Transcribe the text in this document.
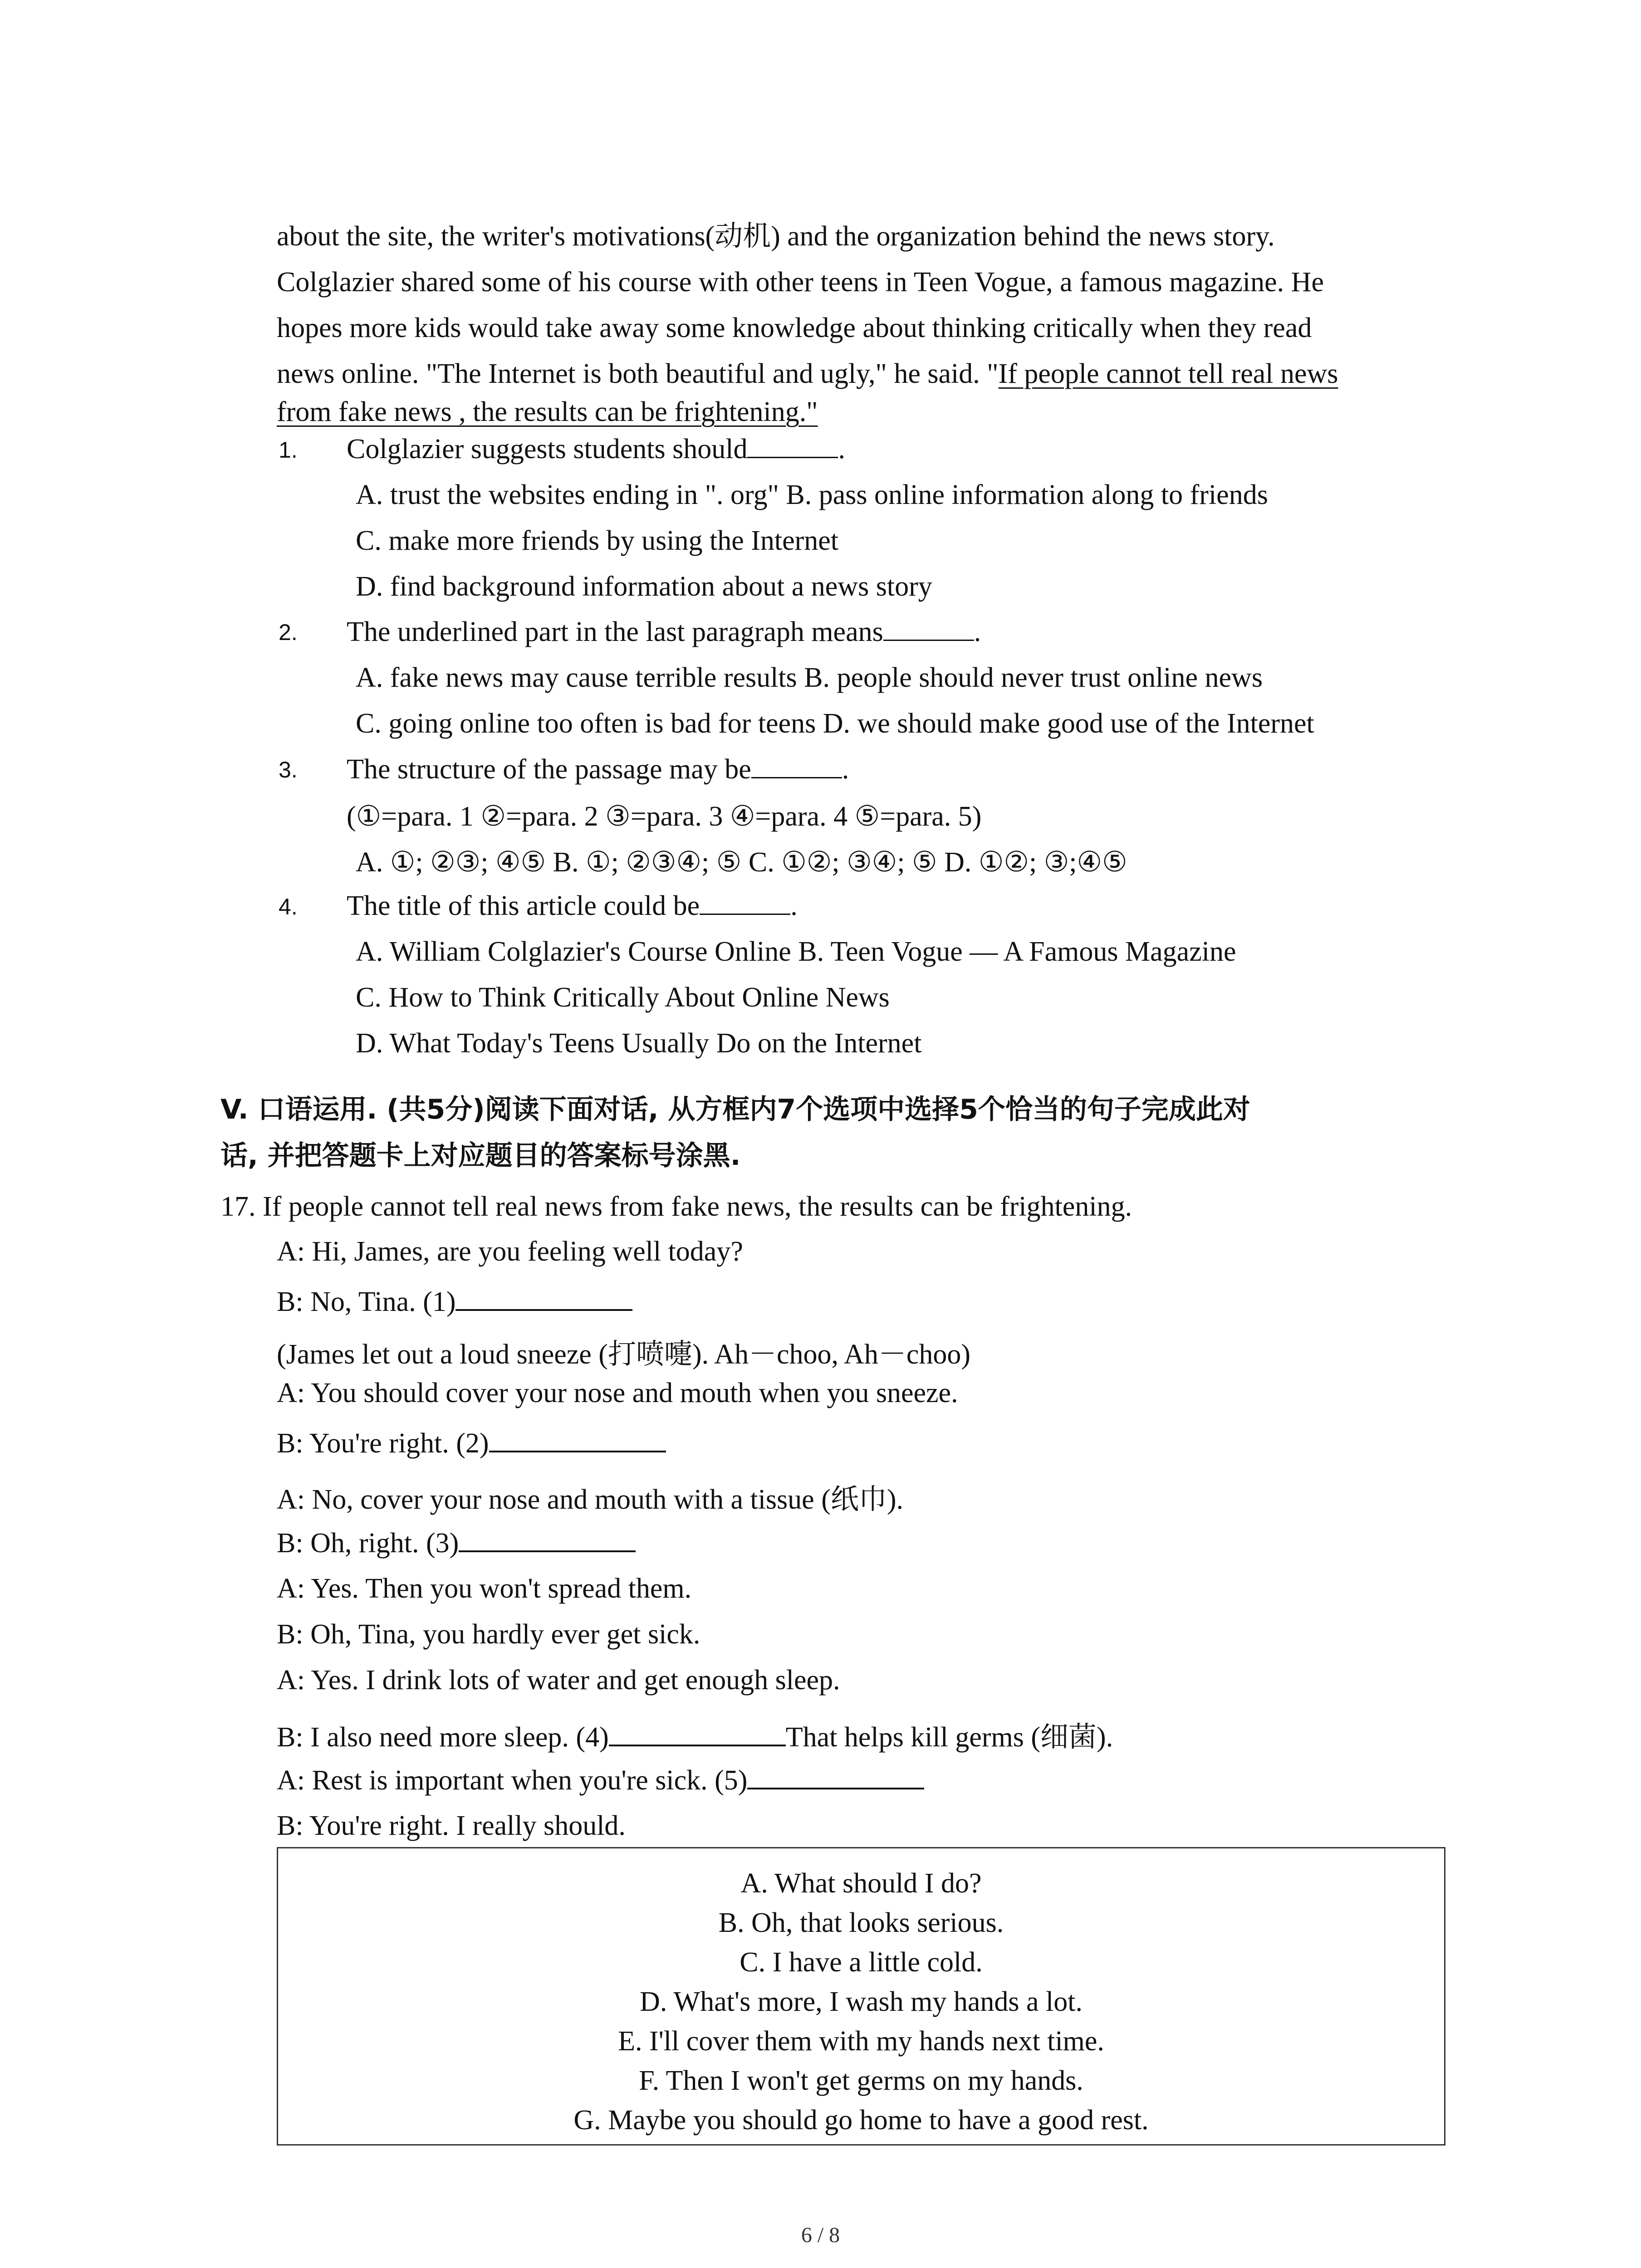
about the site, the writer's motivations(动机) and the organization behind the news story.
Colglazier shared some of his course with other teens in Teen Vogue, a famous magazine. He
hopes more kids would take away some knowledge about thinking critically when they read
news online. "The Internet is both beautiful and ugly," he said. "If people cannot tell real news
from fake news , the results can be frightening."
1. Colglazier suggests students should	.
A. trust the websites ending in ". org" B. pass online information along to friends
C. make more friends by using the Internet
D. find background information about a news story
2. The underlined part in the last paragraph means	.
A. fake news may cause terrible results B. people should never trust online news
C. going online too often is bad for teens D. we should make good use of the Internet
3. The structure of the passage may be	.
(①=para. 1 ②=para. 2 ③=para. 3 ④=para. 4 ⑤=para. 5)
A. ①; ②③; ④⑤ B. ①; ②③④; ⑤ C. ①②; ③④; ⑤ D. ①②; ③;④⑤
4. The title of this article could be	.
A. William Colglazier's Course Online B. Teen Vogue — A Famous Magazine
C. How to Think Critically About Online News
D. What Today's Teens Usually Do on the Internet
V. 口语运用. (共5分)阅读下面对话, 从方框内7个选项中选择5个恰当的句子完成此对
话, 并把答题卡上对应题目的答案标号涂黑.
17. If people cannot tell real news from fake news, the results can be frightening.
A: Hi, James, are you feeling well today?
B: No, Tina. (1)
(James let out a loud sneeze (打喷嚏). Ah－choo, Ah－choo)
A: You should cover your nose and mouth when you sneeze.
B: You're right. (2)
A: No, cover your nose and mouth with a tissue (纸巾).
B: Oh, right. (3)
A: Yes. Then you won't spread them.
B: Oh, Tina, you hardly ever get sick.
A: Yes. I drink lots of water and get enough sleep.
B: I also need more sleep. (4)	That helps kill germs (细菌).
A: Rest is important when you're sick. (5)
B: You're right. I really should.
A. What should I do?
B. Oh, that looks serious.
C. I have a little cold.
D. What's more, I wash my hands a lot.
E. I'll cover them with my hands next time.
F. Then I won't get germs on my hands.
G. Maybe you should go home to have a good rest.
6 / 8
